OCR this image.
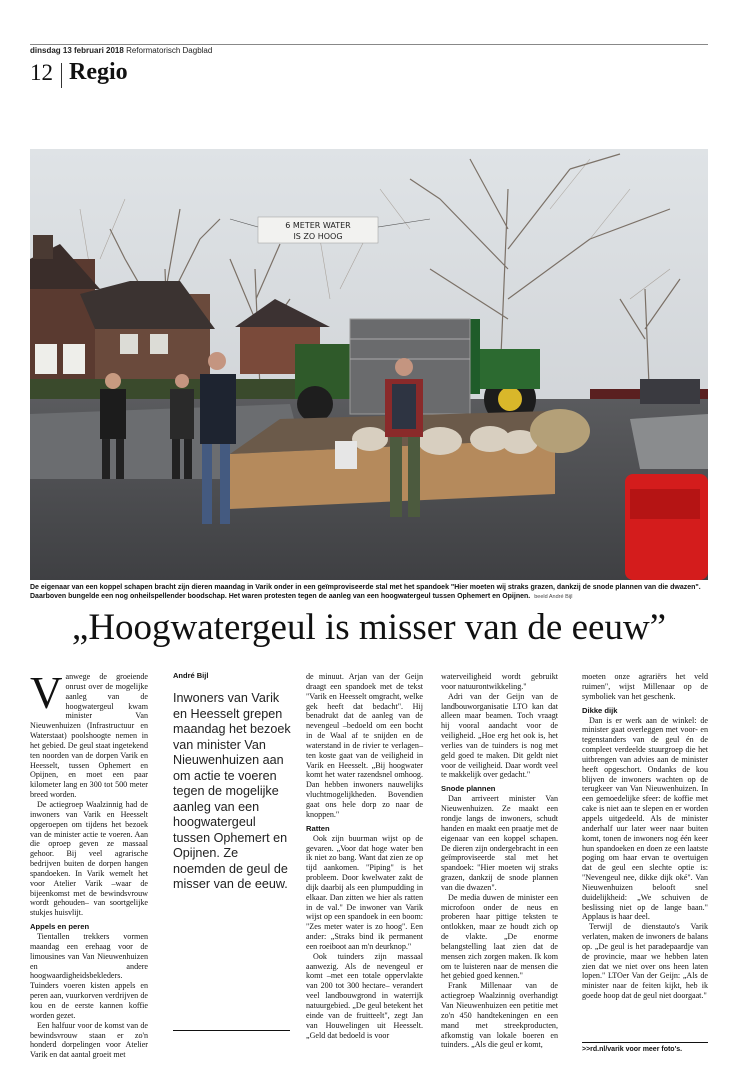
dinsdag 13 februari 2018 Reformatorisch Dagblad
12 Regio
6 METER WATER
IS ZO HOOG
De eigenaar van een koppel schapen bracht zijn dieren maandag in Varik onder in een geïmproviseerde stal met het spandoek "Hier moeten wij straks grazen, dankzij de snode plannen van die dwazen". Daarboven bungelde een nog onheilspellender boodschap. Het waren protesten tegen de aanleg van een hoogwatergeul tussen Ophemert en Opijnen. beeld André Bijl
„Hoogwatergeul is misser van de eeuw”

Vanwege de groeiende onrust over de mogelijke aanleg van de hoogwatergeul kwam minister Van Nieuwenhuizen (Infrastructuur en Waterstaat) poolshoogte nemen in het gebied. De geul staat ingetekend ten noorden van de dorpen Varik en Heesselt, tussen Ophemert en Opijnen, en moet een paar kilometer lang en 300 tot 500 meter breed worden.

De actiegroep Waalzinnig had de inwoners van Varik en Heesselt opgeroepen om tijdens het bezoek van de minister actie te voeren. Aan die oproep geven ze massaal gehoor. Bij veel agrarische bedrijven buiten de dorpen hangen spandoeken. In Varik wemelt het voor Atelier Varik –waar de bijeenkomst met de bewindsvrouw wordt gehouden– van soortgelijke stukjes huisvlijt.

Appels en peren

Tientallen trekkers vormen maandag een erehaag voor de limousines van Van Nieuwenhuizen en andere hoogwaardigheidsbekleders. Tuinders voeren kisten appels en peren aan, vuurkorven verdrijven de kou en de eerste kannen koffie worden gezet.

Een halfuur voor de komst van de bewindsvrouw staan er zo'n honderd dorpelingen voor Atelier Varik en dat aantal groeit met

André Bijl
Inwoners van Varik en Heesselt grepen maandag het bezoek van minister Van Nieuwenhuizen aan om actie te voeren tegen de mogelijke aanleg van een hoogwatergeul tussen Ophemert en Opijnen. Ze noemden de geul de misser van de eeuw.

de minuut. Arjan van der Geijn draagt een spandoek met de tekst "Varik en Heesselt omgracht, welke gek heeft dat bedacht". Hij benadrukt dat de aanleg van de nevengeul –bedoeld om een bocht in de Waal af te snijden en de waterstand in de rivier te verlagen– ten koste gaat van de veiligheid in Varik en Heesselt. „Bij hoogwater komt het water razendsnel omhoog. Dan hebben inwoners nauwelijks vluchtmogelijkheden. Bovendien gaat ons hele dorp zo naar de knoppen."

Ratten

Ook zijn buurman wijst op de gevaren. „Voor dat hoge water ben ik niet zo bang. Want dat zien ze op tijd aankomen. "Piping" is het probleem. Door kwelwater zakt de dijk daarbij als een plumpudding in elkaar. Dan zitten we hier als ratten in de val." De inwoner van Varik wijst op een spandoek in een boom: "Zes meter water is zo hoog". Een ander: „Straks bind ik permanent een roeiboot aan m'n deurknop."

Ook tuinders zijn massaal aanwezig. Als de nevengeul er komt –met een totale oppervlakte van 200 tot 300 hectare– verandert veel landbouwgrond in waterrijk natuurgebied. „De geul betekent het einde van de fruitteelt", zegt Jan van Houwelingen uit Heesselt. „Geld dat bedoeld is voor

waterveiligheid wordt gebruikt voor natuurontwikkeling."

Adri van der Geijn van de landbouworganisatie LTO kan dat alleen maar beamen. Toch vraagt hij vooral aandacht voor de veiligheid. „Hoe erg het ook is, het verlies van de tuinders is nog met geld goed te maken. Dit geldt niet voor de veiligheid. Daar wordt veel te makkelijk over gedacht."

Snode plannen

Dan arriveert minister Van Nieuwenhuizen. Ze maakt een rondje langs de inwoners, schudt handen en maakt een praatje met de eigenaar van een koppel schapen. De dieren zijn ondergebracht in een geïmproviseerde stal met het spandoek: "Hier moeten wij straks grazen, dankzij de snode plannen van die dwazen".

De media duwen de minister een microfoon onder de neus en proberen haar pittige teksten te ontlokken, maar ze houdt zich op de vlakte. „De enorme belangstelling laat zien dat de mensen zich zorgen maken. Ik kom om te luisteren naar de mensen die het gebied goed kennen."

Frank Millenaar van de actiegroep Waalzinnig overhandigt Van Nieuwenhuizen een petitie met zo'n 450 handtekeningen en een mand met streekproducten, afkomstig van lokale boeren en tuinders. „Als die geul er komt,

moeten onze agrariërs het veld ruimen", wijst Millenaar op de symboliek van het geschenk.

Dikke dijk

Dan is er werk aan de winkel: de minister gaat overleggen met voor- en tegenstanders van de geul én de compleet verdeelde stuurgroep die het uitbrengen van advies aan de minister heeft opgeschort. Ondanks de kou blijven de inwoners wachten op de terugkeer van Van Nieuwenhuizen. In een gemoedelijke sfeer: de koffie met cake is niet aan te slepen en er worden appels uitgedeeld. Als de minister anderhalf uur later weer naar buiten komt, tonen de inwoners nog één keer hun spandoeken en doen ze een laatste poging om haar ervan te overtuigen dat de geul een slechte optie is: "Nevengeul nee, dikke dijk oké". Van Nieuwenhuizen belooft snel duidelijkheid: „We schuiven de beslissing niet op de lange baan." Applaus is haar deel.

Terwijl de dienstauto's Varik verlaten, maken de inwoners de balans op. „De geul is het paradepaardje van de provincie, maar we hebben laten zien dat we niet over ons heen laten lopen." LTOer Van der Geijn: „Als de minister naar de feiten kijkt, heb ik goede hoop dat de geul niet doorgaat."

>>rd.nl/varik voor meer foto's.
